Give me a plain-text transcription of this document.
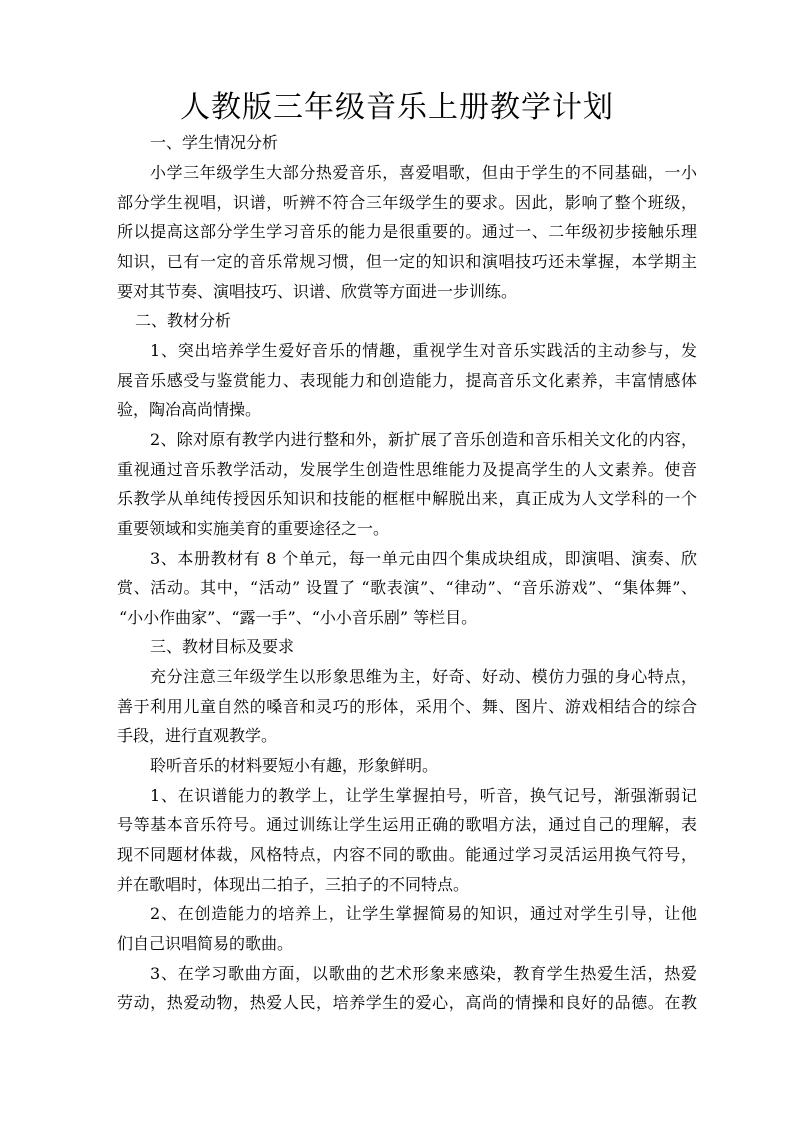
人教版三年级音乐上册教学计划
一、学生情况分析
小学三年级学生大部分热爱音乐，喜爱唱歌，但由于学生的不同基础，一小
部分学生视唱，识谱，听辨不符合三年级学生的要求。因此，影响了整个班级，
所以提高这部分学生学习音乐的能力是很重要的。通过一、二年级初步接触乐理
知识，已有一定的音乐常规习惯，但一定的知识和演唱技巧还未掌握，本学期主
要对其节奏、演唱技巧、识谱、欣赏等方面进一步训练。
二、教材分析
1、突出培养学生爱好音乐的情趣，重视学生对音乐实践活的主动参与，发
展音乐感受与鉴赏能力、表现能力和创造能力，提高音乐文化素养，丰富情感体
验，陶冶高尚情操。
2、除对原有教学内进行整和外，新扩展了音乐创造和音乐相关文化的内容，
重视通过音乐教学活动，发展学生创造性思维能力及提高学生的人文素养。使音
乐教学从单纯传授因乐知识和技能的框框中解脱出来，真正成为人文学科的一个
重要领域和实施美育的重要途径之一。
3、本册教材有 8 个单元，每一单元由四个集成块组成，即演唱、演奏、欣
赏、活动。其中，“活动” 设置了 “歌表演”、“律动”、“音乐游戏”、“集体舞”、
“小小作曲家”、“露一手”、“小小音乐剧” 等栏目。
三、教材目标及要求
充分注意三年级学生以形象思维为主，好奇、好动、模仿力强的身心特点，
善于利用儿童自然的嗓音和灵巧的形体，采用个、舞、图片、游戏相结合的综合
手段，进行直观教学。
聆听音乐的材料要短小有趣，形象鲜明。
1、在识谱能力的教学上，让学生掌握拍号，听音，换气记号，渐强渐弱记
号等基本音乐符号。通过训练让学生运用正确的歌唱方法，通过自己的理解，表
现不同题材体裁，风格特点，内容不同的歌曲。能通过学习灵活运用换气符号，
并在歌唱时，体现出二拍子，三拍子的不同特点。
2、在创造能力的培养上，让学生掌握简易的知识，通过对学生引导，让他
们自己识唱简易的歌曲。
3、在学习歌曲方面，以歌曲的艺术形象来感染，教育学生热爱生活，热爱
劳动，热爱动物，热爱人民，培养学生的爱心，高尚的情操和良好的品德。在教
